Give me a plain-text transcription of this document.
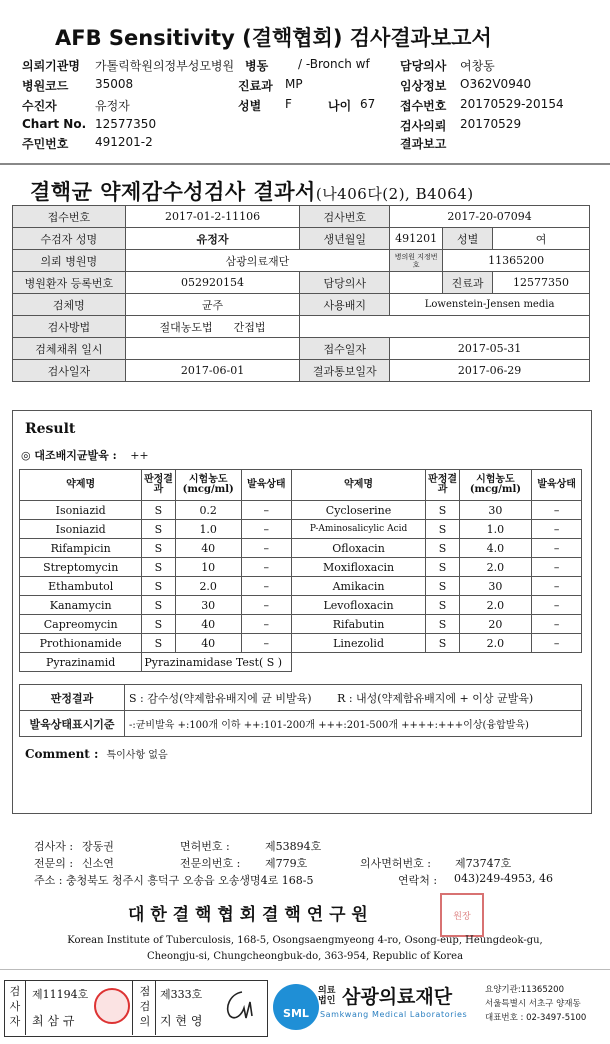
AFB Sensitivity (결핵협회) 검사결과보고서
의뢰기관명 가톨릭학원의정부성모병원 병동 / -Bronch wf	담당의사 여창동
병원코드 35008	진료과 MP	임상정보 O362V0940
수진자	유정자	성별 F	나이 67 접수번호 20170529-20154
Chart No. 12577350	검사의뢰 20170529
주민번호 491201-2	결과보고
결핵균 약제감수성검사 결과서(나406다(2), B4064)
접수번호	2017-01-2-11106	검사번호	2017-20-07094		
수검자 성명	유정자	생년월일	491201	성별	여
의뢰 병원명	삼광의료재단		병의원 지정번호	11365200	
병원환자 등록번호	052920154	담당의사		진료과	12577350
검체명	균주	사용배지	Lowenstein-Jensen media		
검사방법	절대농도법 간접법				
검체채취 일시		접수일자	2017-05-31		
검사일자	2017-06-01	결과통보일자	2017-06-29		
Result
◎ 대조배지균발육 : ++
약제명	판정결과	시험농도(mcg/ml)	발육상태	약제명	판정결과	시험농도(mcg/ml)	발육상태
Isoniazid	S	0.2	–	Cycloserine	S	30	–
Isoniazid	S	1.0	–	P-Aminosalicylic Acid	S	1.0	–
Rifampicin	S	40	–	Ofloxacin	S	4.0	–
Streptomycin	S	10	–	Moxifloxacin	S	2.0	–
Ethambutol	S	2.0	–	Amikacin	S	30	–
Kanamycin	S	30	–	Levofloxacin	S	2.0	–
Capreomycin	S	40	–	Rifabutin	S	20	–
Prothionamide	S	40	–	Linezolid	S	2.0	–
Pyrazinamid	Pyrazinamidase Test( S )						
판정결과	S : 감수성(약제함유배지에 균 비발육) R : 내성(약제함유배지에 + 이상 균발육)
발육상태표시기준	-:균비발육 +:100개 이하 ++:101-200개 +++:201-500개 ++++:+++이상(융합발육)
Comment : 특이사항 없음
검사자 : 장동권	면허번호 :	제53894호
전문의 : 신소연	전문의번호 : 제779호	의사면허번호 : 제73747호
주소 : 충청북도 청주시 흥덕구 오송읍 오송생명4로 168-5	연락처 : 043)249-4953, 46
대 한 결 핵 협 회 결 핵 연 구 원	원장
Korean Institute of Tuberculosis, 168-5, Osongsaengmyeong 4-ro, Osong-eup, Heungdeok-gu,
Cheongju-si, Chungcheongbuk-do, 363-954, Republic of Korea
검사자
제11194호
최 삼 규
점검의
제333호
지 현 영
SML
의료법인 삼광의료재단
Samkwang Medical Laboratories
요양기관:11365200
서울특별시 서초구 양재동
대표번호 : 02-3497-5100
